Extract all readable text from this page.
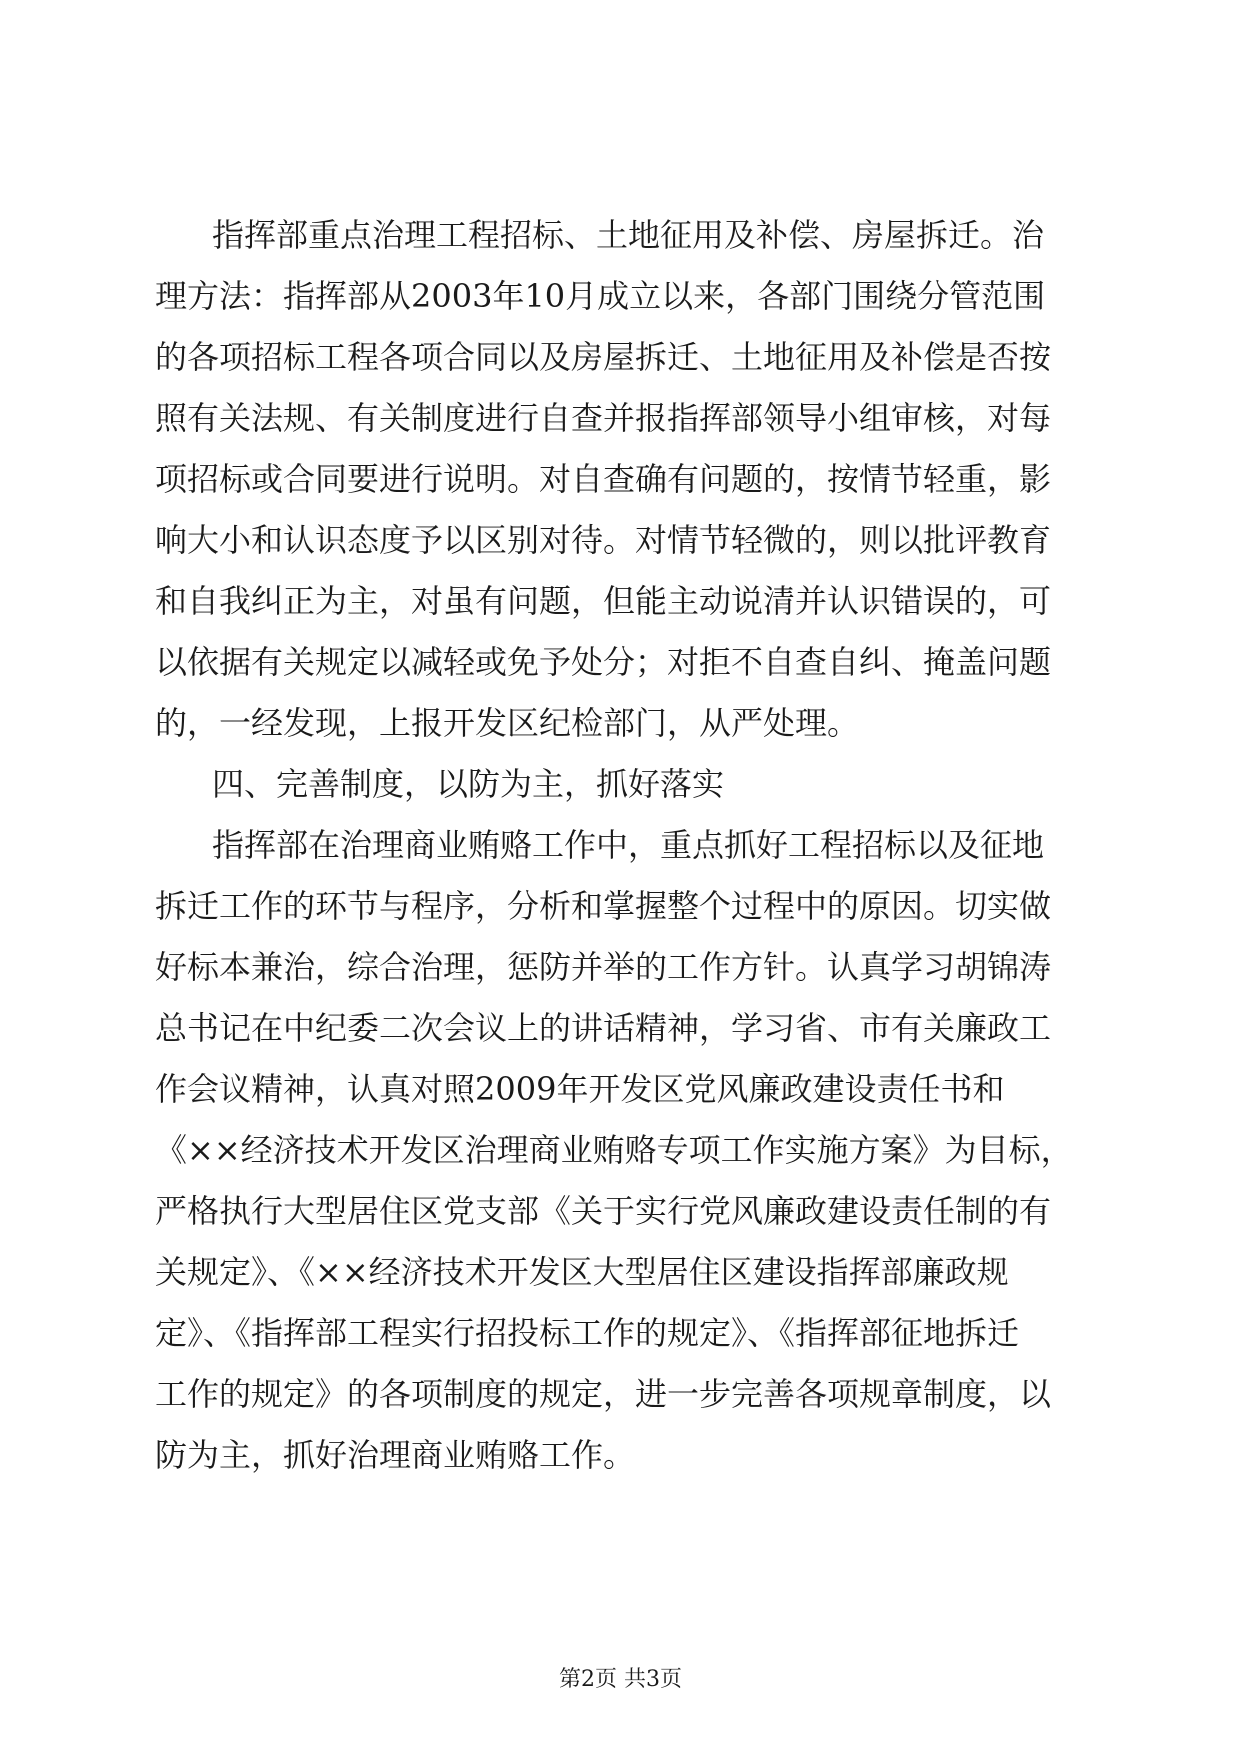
指挥部重点治理工程招标、土地征用及补偿、房屋拆迁。治
理方法：指挥部从2003年10月成立以来，各部门围绕分管范围
的各项招标工程各项合同以及房屋拆迁、土地征用及补偿是否按
照有关法规、有关制度进行自查并报指挥部领导小组审核，对每
项招标或合同要进行说明。对自查确有问题的，按情节轻重，影
响大小和认识态度予以区别对待。对情节轻微的，则以批评教育
和自我纠正为主，对虽有问题，但能主动说清并认识错误的，可
以依据有关规定以减轻或免予处分；对拒不自查自纠、掩盖问题
的，一经发现，上报开发区纪检部门，从严处理。
四、完善制度，以防为主，抓好落实
指挥部在治理商业贿赂工作中，重点抓好工程招标以及征地
拆迁工作的环节与程序，分析和掌握整个过程中的原因。切实做
好标本兼治，综合治理，惩防并举的工作方针。认真学习胡锦涛
总书记在中纪委二次会议上的讲话精神，学习省、市有关廉政工
作会议精神，认真对照2009年开发区党风廉政建设责任书和
《××经济技术开发区治理商业贿赂专项工作实施方案》为目标，
严格执行大型居住区党支部《关于实行党风廉政建设责任制的有
关规定》、《××经济技术开发区大型居住区建设指挥部廉政规
定》、《指挥部工程实行招投标工作的规定》、《指挥部征地拆迁
工作的规定》的各项制度的规定，进一步完善各项规章制度，以
防为主，抓好治理商业贿赂工作。
第2页 共3页
